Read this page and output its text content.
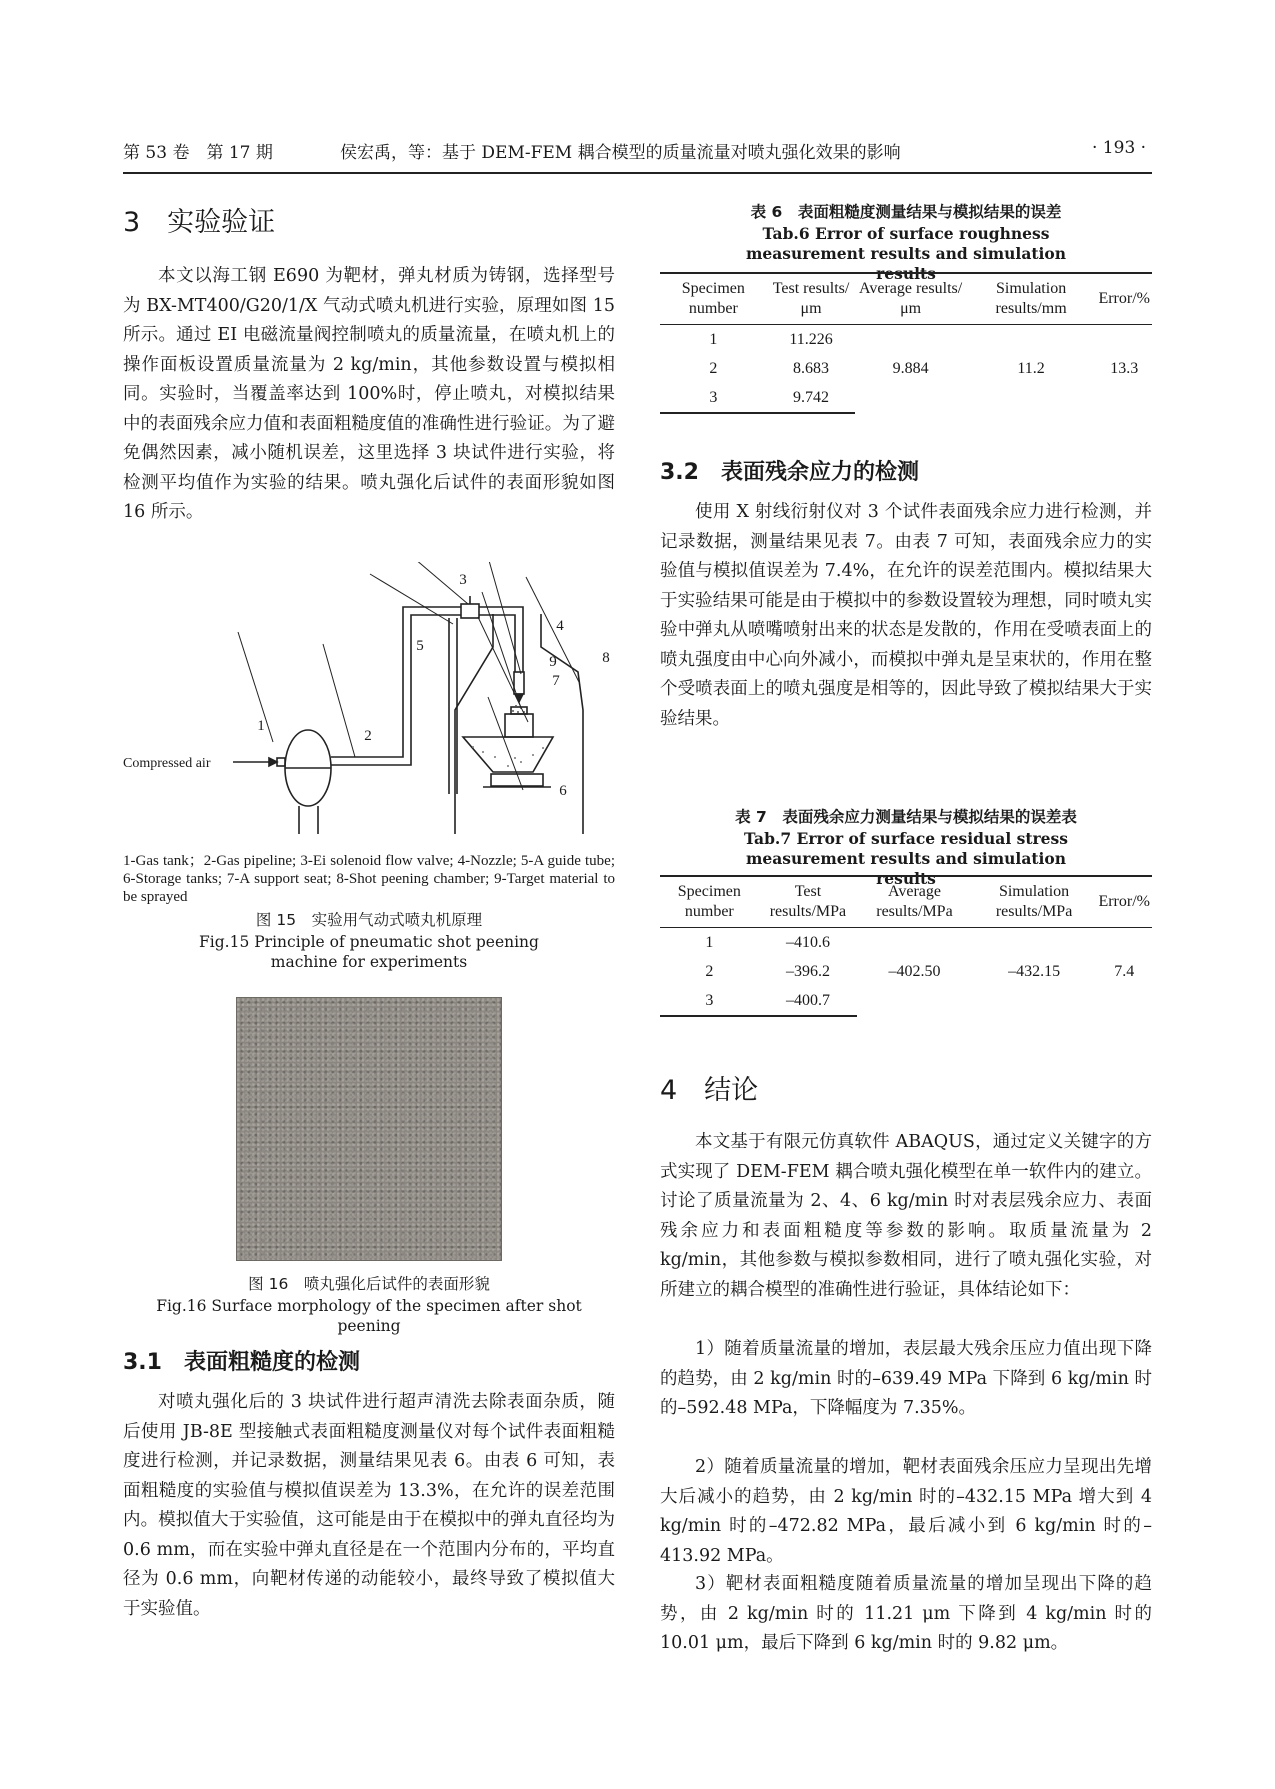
第 53 卷　第 17 期	侯宏禹，等：基于 DEM-FEM 耦合模型的质量流量对喷丸强化效果的影响	· 193 ·
3　实验验证

本文以海工钢 E690 为靶材，弹丸材质为铸钢，选择型号为 BX-MT400/G20/1/X 气动式喷丸机进行实验，原理如图 15 所示。通过 EI 电磁流量阀控制喷丸的质量流量，在喷丸机上的操作面板设置质量流量为 2 kg/min，其他参数设置与模拟相同。实验时，当覆盖率达到 100%时，停止喷丸，对模拟结果中的表面残余应力值和表面粗糙度值的准确性进行验证。为了避免偶然因素，减小随机误差，这里选择 3 块试件进行实验，将检测平均值作为实验的结果。喷丸强化后试件的表面形貌如图 16 所示。

1
2
3
4
5
6
7
8
9
Compressed air
1-Gas tank；2-Gas pipeline; 3-Ei solenoid flow valve; 4-Nozzle; 5-A guide tube; 6-Storage tanks; 7-A support seat; 8-Shot peening chamber; 9-Target material to be sprayed
图 15　实验用气动式喷丸机原理
Fig.15 Principle of pneumatic shot peening machine for experiments
图 16　喷丸强化后试件的表面形貌
Fig.16 Surface morphology of the specimen after shot peening
3.1　表面粗糙度的检测

对喷丸强化后的 3 块试件进行超声清洗去除表面杂质，随后使用 JB-8E 型接触式表面粗糙度测量仪对每个试件表面粗糙度进行检测，并记录数据，测量结果见表 6。由表 6 可知，表面粗糙度的实验值与模拟值误差为 13.3%，在允许的误差范围内。模拟值大于实验值，这可能是由于在模拟中的弹丸直径均为 0.6 mm，而在实验中弹丸直径是在一个范围内分布的，平均直径为 0.6 mm，向靶材传递的动能较小，最终导致了模拟值大于实验值。

表 6　表面粗糙度测量结果与模拟结果的误差
Tab.6 Error of surface roughness measurement results and simulation results
Specimen number	Test results/μm	Average results/μm	Simulation results/mm	Error/%
1	11.226	9.884	11.2	13.3
2	8.683			
3	9.742			
3.2　表面残余应力的检测

使用 X 射线衍射仪对 3 个试件表面残余应力进行检测，并记录数据，测量结果见表 7。由表 7 可知，表面残余应力的实验值与模拟值误差为 7.4%，在允许的误差范围内。模拟结果大于实验结果可能是由于模拟中的参数设置较为理想，同时喷丸实验中弹丸从喷嘴喷射出来的状态是发散的，作用在受喷表面上的喷丸强度由中心向外减小，而模拟中弹丸是呈束状的，作用在整个受喷表面上的喷丸强度是相等的，因此导致了模拟结果大于实验结果。

表 7　表面残余应力测量结果与模拟结果的误差表
Tab.7 Error of surface residual stress measurement results and simulation results
Specimen number	Test results/MPa	Average results/MPa	Simulation results/MPa	Error/%
1	–410.6	–402.50	–432.15	7.4
2	–396.2			
3	–400.7			
4　结论

本文基于有限元仿真软件 ABAQUS，通过定义关键字的方式实现了 DEM-FEM 耦合喷丸强化模型在单一软件内的建立。讨论了质量流量为 2、4、6 kg/min 时对表层残余应力、表面残余应力和表面粗糙度等参数的影响。取质量流量为 2 kg/min，其他参数与模拟参数相同，进行了喷丸强化实验，对所建立的耦合模型的准确性进行验证，具体结论如下：

1）随着质量流量的增加，表层最大残余压应力值出现下降的趋势，由 2 kg/min 时的–639.49 MPa 下降到 6 kg/min 时的–592.48 MPa，下降幅度为 7.35%。

2）随着质量流量的增加，靶材表面残余压应力呈现出先增大后减小的趋势，由 2 kg/min 时的–432.15 MPa 增大到 4 kg/min 时的–472.82 MPa，最后减小到 6 kg/min 时的–413.92 MPa。

3）靶材表面粗糙度随着质量流量的增加呈现出下降的趋势，由 2 kg/min 时的 11.21 μm 下降到 4 kg/min 时的 10.01 μm，最后下降到 6 kg/min 时的 9.82 μm。
